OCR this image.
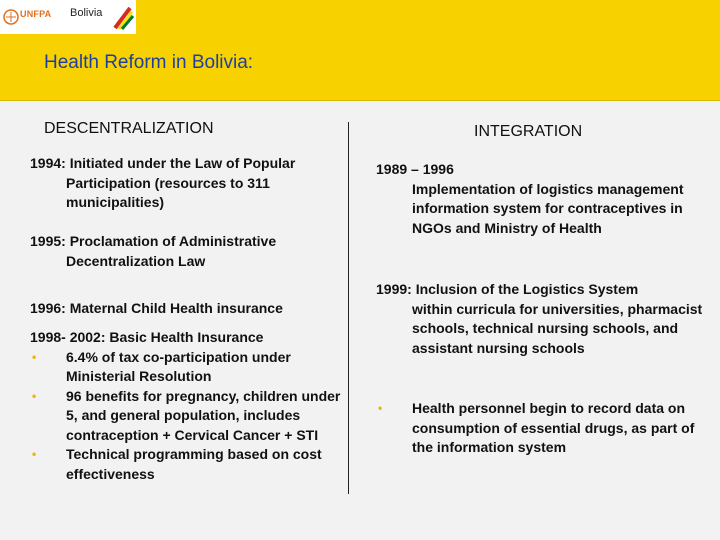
UNFPA Bolivia
Health Reform in Bolivia:
DESCENTRALIZATION	INTEGRATION
1994: Initiated under the Law of Popular
Participation (resources to 311 municipalities)
1995: Proclamation of Administrative
Decentralization Law
1996: Maternal Child Health insurance
1998- 2002: Basic Health Insurance
• 6.4% of tax co-participation under Ministerial Resolution
• 96 benefits for pregnancy, children under 5, and general population, includes contraception + Cervical Cancer + STI
• Technical programming based on cost effectiveness
1989 – 1996
Implementation of logistics management information system for contraceptives in NGOs and Ministry of Health
1999: Inclusion of the Logistics System
within curricula for universities, pharmacist schools, technical nursing schools, and assistant nursing schools
• Health personnel begin to record data on consumption of essential drugs, as part of the information system
